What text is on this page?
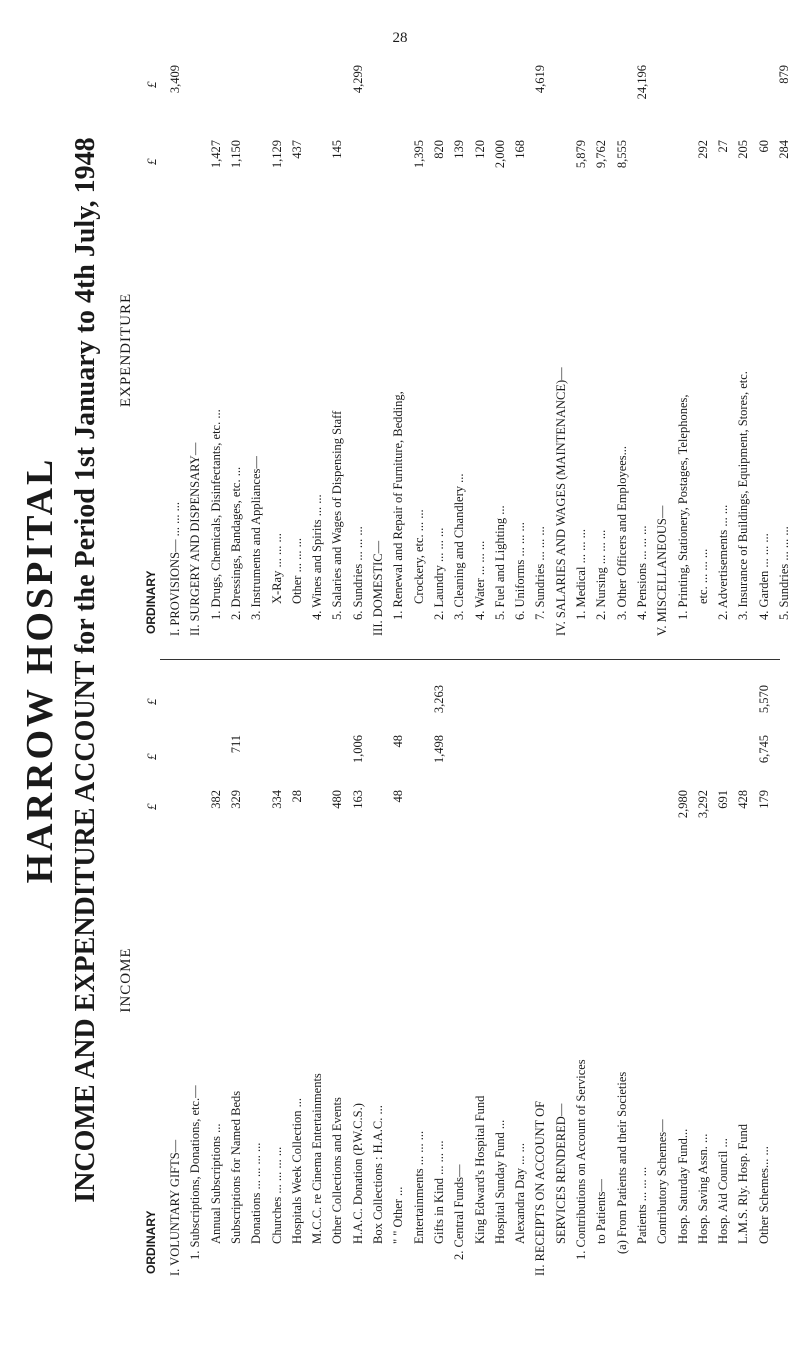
28
HARROW HOSPITAL INCOME AND EXPENDITURE ACCOUNT for the Period 1st January to 4th July, 1948 INCOME
ORDINARY
£
£
£
I. VOLUNTARY GIFTS— 1. Subscriptions, Donations, etc.— Annual Subscriptions ...
382
Subscriptions for Named Beds
329
711
Donations ... ... ... ... Churches ... ... ... ...
334
Hospitals Week Collection ...
28
M.C.C. re Cinema Entertainments Other Collections and Events
480
H.A.C. Donation (P.W.C.S.)
163
1,006
Box Collections : H.A.C. ... " " Other ...
48
48
Entertainments ... ... ... Gifts in Kind ... ... ...
1,498
3,263
2. Central Funds— King Edward's Hospital Fund Hospital Sunday Fund ... Alexandra Day ... ... II. RECEIPTS ON ACCOUNT OF SERVICES RENDERED— 1. Contributions on Account of Services to Patients— (a) From Patients and their Societies Patients ... ... ... Contributory Schemes— Hosp. Saturday Fund...
2,980
Hosp. Saving Assn. ...
3,292
Hosp. Aid Council ...
691
L.M.S. Rly. Hosp. Fund
428
Other Schemes... ...
179
6,745
5,570
EXPENDITURE
ORDINARY
£
£
I. PROVISIONS— ... ... ...
3,409
II. SURGERY AND DISPENSARY— 1. Drugs, Chemicals, Disinfectants, etc. ...
1,427
2. Dressings, Bandages, etc. ...
1,150
3. Instruments and Appliances— X-Ray ... ... ...
1,129
Other ... ... ...
437
4. Wines and Spirits ... ... 5. Salaries and Wages of Dispensing Staff
145
6. Sundries ... ... ...
4,299
III. DOMESTIC— 1. Renewal and Repair of Furniture, Bedding, Crockery, etc. ... ...
1,395
2. Laundry ... ... ...
820
3. Cleaning and Chandlery ...
139
4. Water ... ... ...
120
5. Fuel and Lighting ...
2,000
6. Uniforms ... ... ...
168
7. Sundries ... ... ...
4,619
IV. SALARIES AND WAGES (MAINTENANCE)— 1. Medical ... ... ...
5,879
2. Nursing ... ... ...
9,762
3. Other Officers and Employees...
8,555
4. Pensions ... ... ...
24,196
V. MISCELLANEOUS— 1. Printing, Stationery, Postages, Telephones, etc. ... ... ...
292
2. Advertisements ... ...
27
3. Insurance of Buildings, Equipment, Stores, etc.
205
4. Garden ... ... ...
60
5. Sundries ... ... ...
284
879
